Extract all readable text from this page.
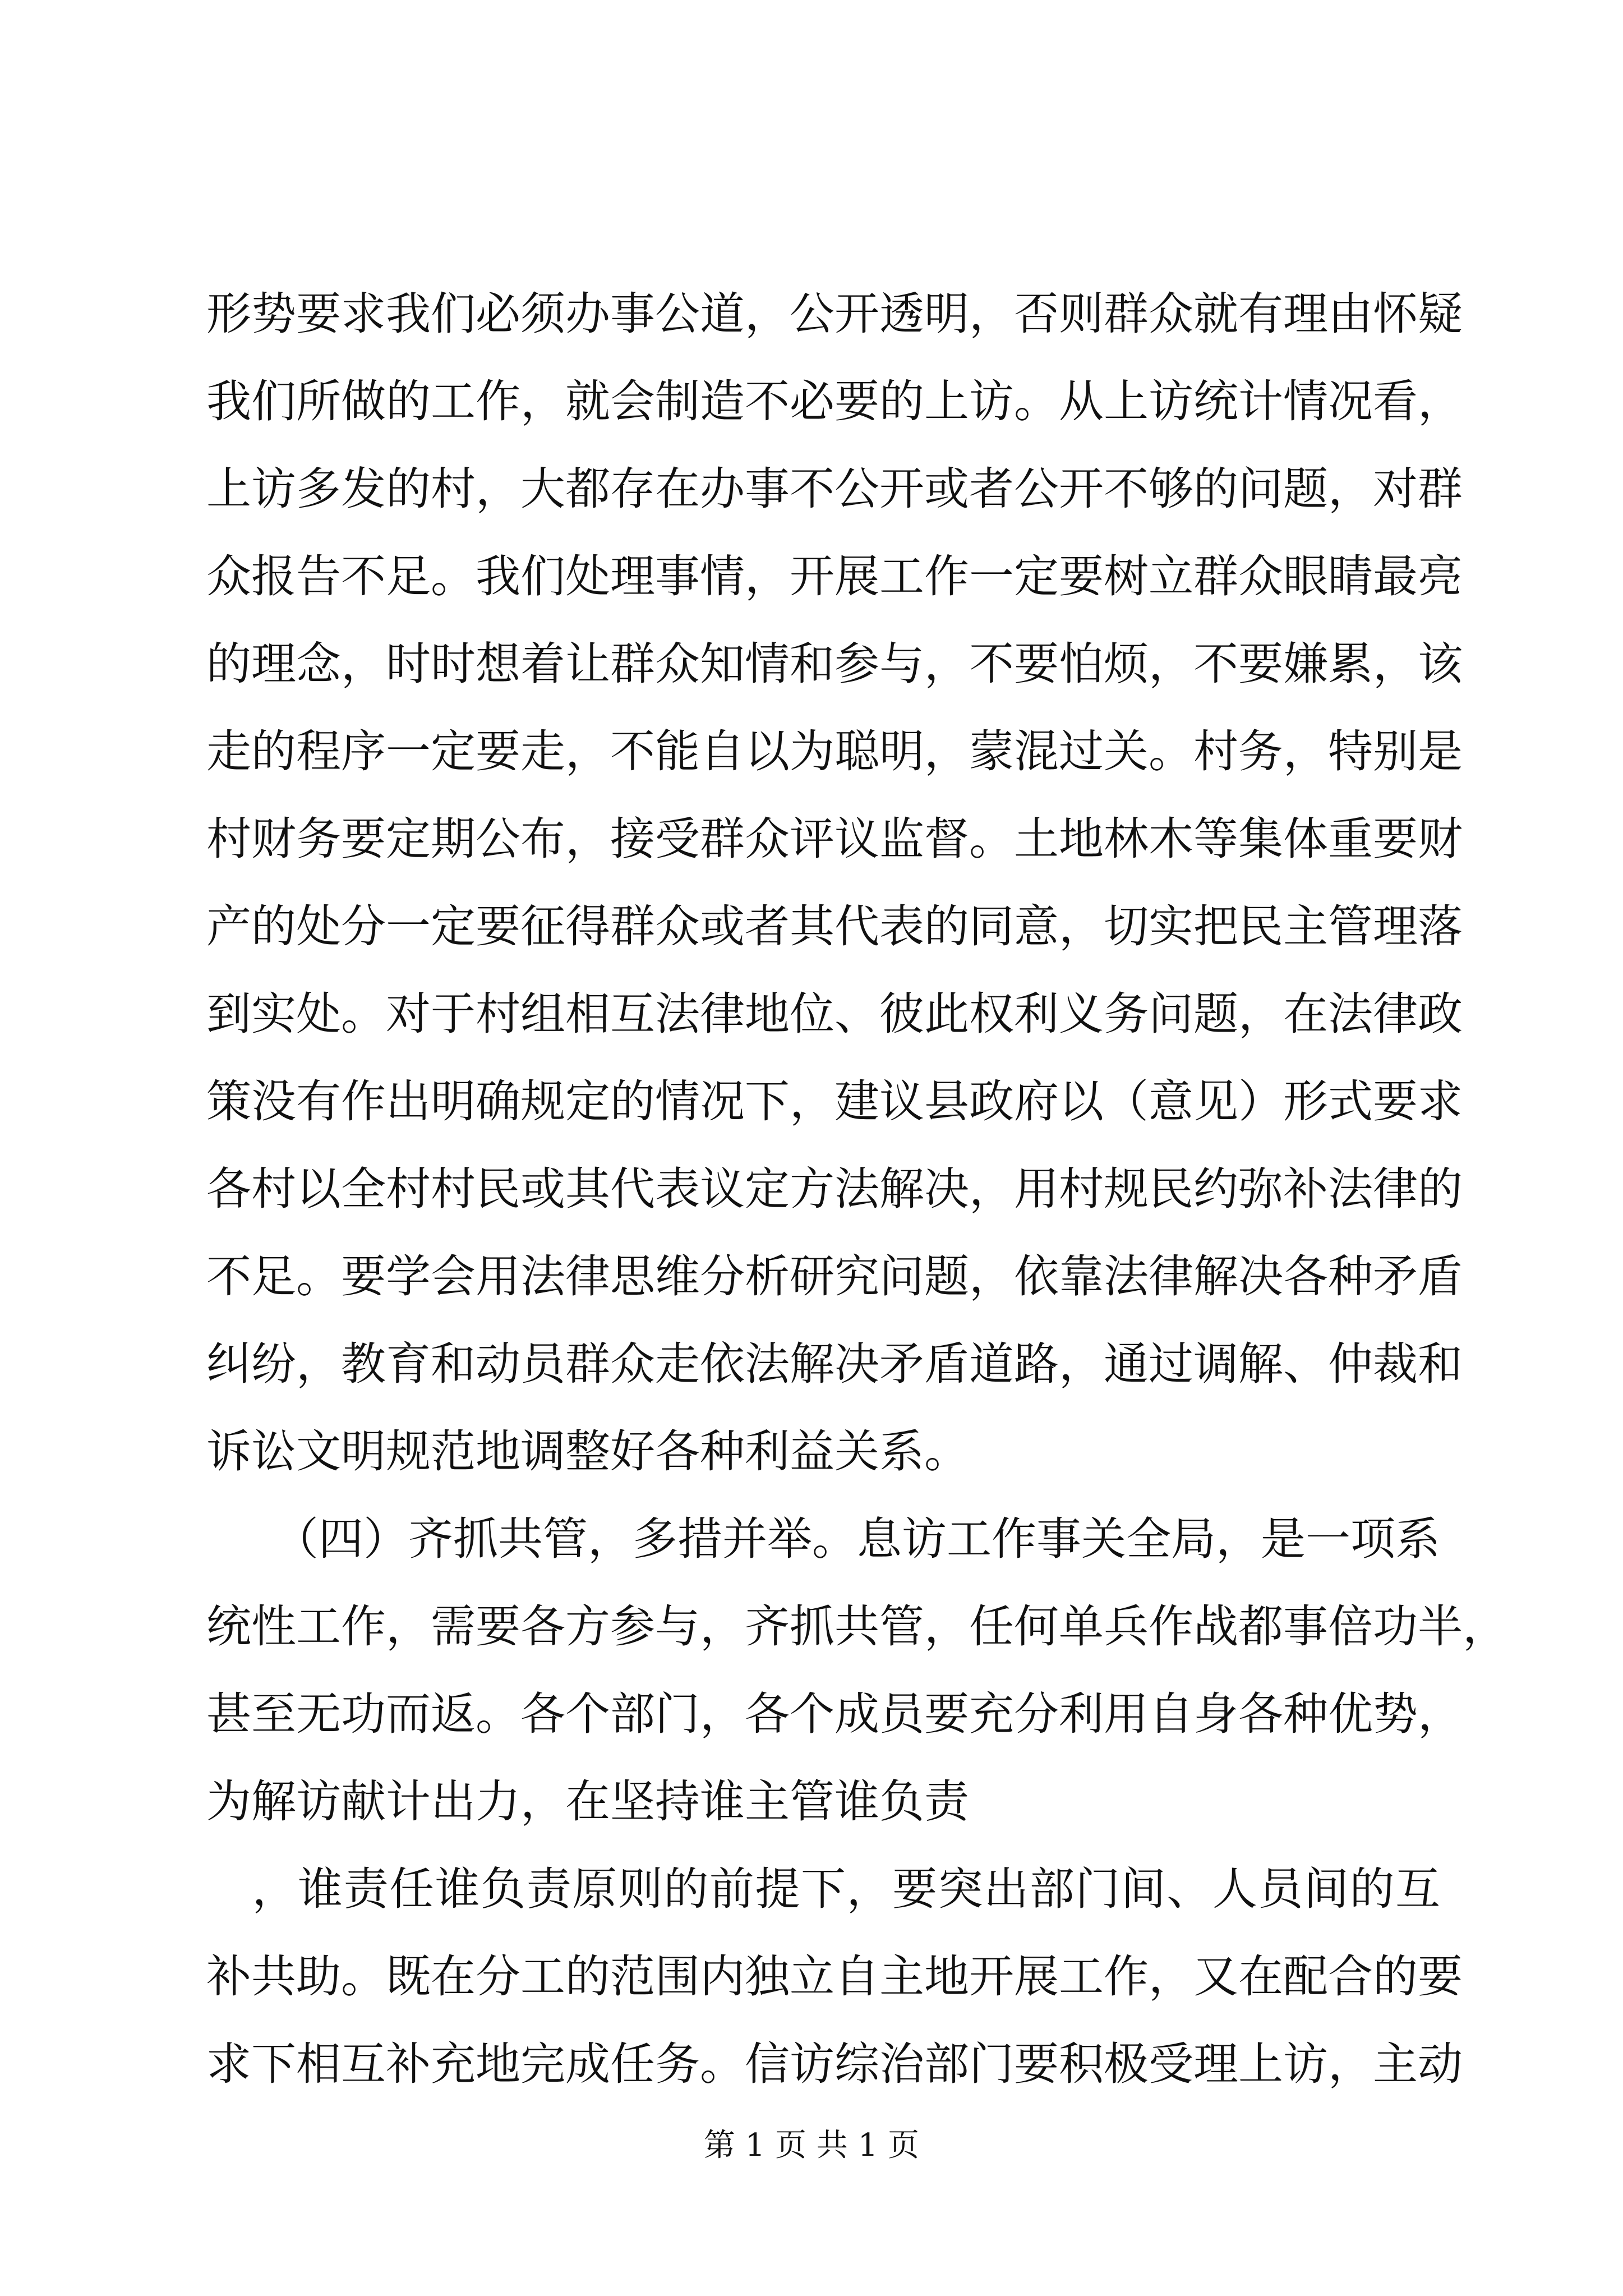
形势要求我们必须办事公道，公开透明，否则群众就有理由怀疑
我们所做的工作，就会制造不必要的上访。从上访统计情况看，
上访多发的村，大都存在办事不公开或者公开不够的问题，对群
众报告不足。我们处理事情，开展工作一定要树立群众眼睛最亮
的理念，时时想着让群众知情和参与，不要怕烦，不要嫌累，该
走的程序一定要走，不能自以为聪明，蒙混过关。村务，特别是
村财务要定期公布，接受群众评议监督。土地林木等集体重要财
产的处分一定要征得群众或者其代表的同意，切实把民主管理落
到实处。对于村组相互法律地位、彼此权利义务问题，在法律政
策没有作出明确规定的情况下，建议县政府以（意见）形式要求
各村以全村村民或其代表议定方法解决，用村规民约弥补法律的
不足。要学会用法律思维分析研究问题，依靠法律解决各种矛盾
纠纷，教育和动员群众走依法解决矛盾道路，通过调解、仲裁和
诉讼文明规范地调整好各种利益关系。
　　（四）齐抓共管，多措并举。息访工作事关全局，是一项系
统性工作，需要各方参与，齐抓共管，任何单兵作战都事倍功半，
甚至无功而返。各个部门，各个成员要充分利用自身各种优势，
为解访献计出力，在坚持谁主管谁负责
　，谁责任谁负责原则的前提下，要突出部门间、人员间的互
补共助。既在分工的范围内独立自主地开展工作，又在配合的要
求下相互补充地完成任务。信访综治部门要积极受理上访，主动
第 1 页 共 1 页
